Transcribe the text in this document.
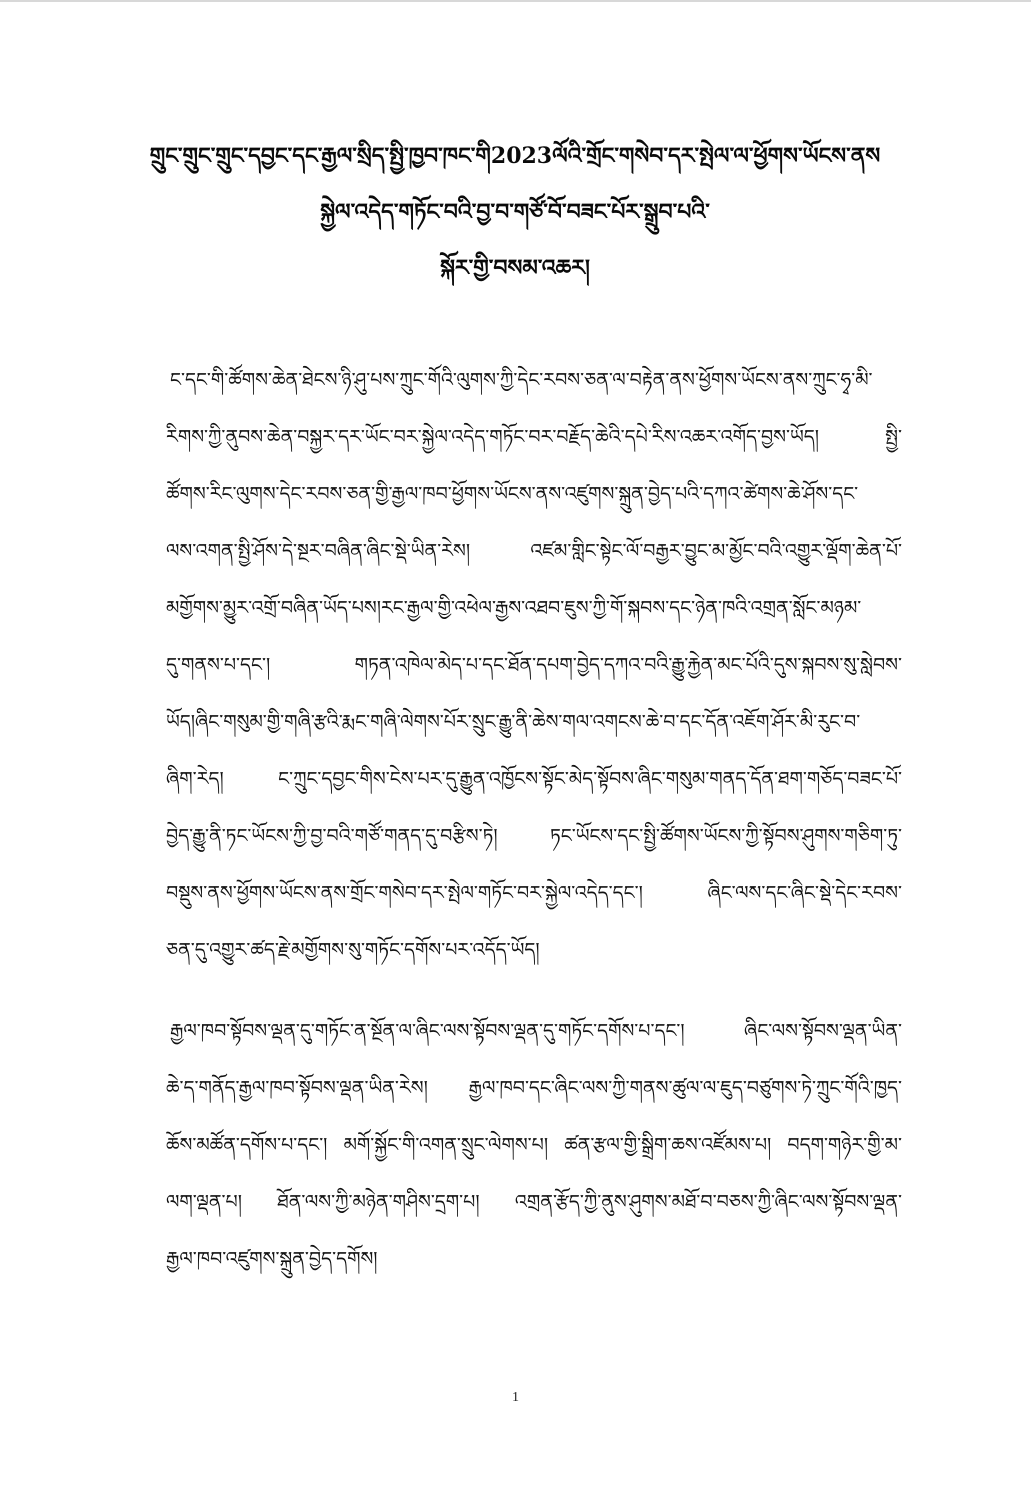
གྲུང་གྲུང་གྲུང་དབྱང་དང་རྒྱལ་སྲིད་སྤྱི་ཁྱབ་ཁང་གི2023ལོའི་གྲོང་གསེབ་དར་སྤེལ་ལ་ཕྱོགས་ཡོངས་ནས
སྐྱེལ་འདེད་གཏོང་བའི་བྱ་བ་གཙོ་བོ་བཟང་པོར་སྒྲུབ་པའི་
སྐོར་གྱི་བསམ་འཆར།
ང་དང་གི་ཚོགས་ཆེན་ཐེངས་ཉི་ཤུ་པས་ཀྲུང་གོའི་ལུགས་ཀྱི་དེང་རབས་ཅན་ལ་བརྟེན་ནས་ཕྱོགས་ཡོངས་ནས་ཀྲུང་ཧྭ་མི་
རིགས་ཀྱི་ནུབས་ཆེན་བསྐྱར་དར་ཡོང་བར་སྐྱེལ་འདེད་གཏོང་བར་བརྗོད་ཆེའི་དཔེ་རིས་འཆར་འགོད་བྱས་ཡོད། སྤྱི་
ཚོགས་རིང་ལུགས་དེང་རབས་ཅན་གྱི་རྒྱལ་ཁབ་ཕྱོགས་ཡོངས་ནས་འཛུགས་སྐྲུན་བྱེད་པའི་དཀའ་ཚེགས་ཆེ་ཤོས་དང་
ལས་འགན་སྤྱི་ཤོས་དེ་སྔར་བཞིན་ཞིང་སྡེ་ཡིན་རེས། འཛམ་གླིང་སྟེང་ལོ་བརྒྱར་བྱུང་མ་མྱོང་བའི་འགྱུར་ལྡོག་ཆེན་པོ་
མགྱོགས་མྱུར་འགྲོ་བཞིན་ཡོད་པས།རང་རྒྱལ་གྱི་འཕེལ་རྒྱས་འཐབ་ཇུས་ཀྱི་གོ་སྐབས་དང་ཉེན་ཁའི་འགྲན་སློང་མཉམ་
དུ་གནས་པ་དང་། གཏན་འཁེལ་མེད་པ་དང་ཐོན་དཔག་བྱེད་དཀའ་བའི་རྒྱུ་རྐྱེན་མང་པོའི་དུས་སྐབས་སུ་སླེབས་
ཡོད།ཞིང་གསུམ་གྱི་གཞི་རྩའི་རྨང་གཞི་ལེགས་པོར་སྲུང་རྒྱུ་ནི་ཆེས་གལ་འགངས་ཆེ་བ་དང་དོན་འཇོག་ཤོར་མི་རུང་བ་
ཞིག་རེད། ང་ཀྲུང་དབྱང་གིས་ངེས་པར་དུ་རྒྱུན་འཁྱོངས་སྟོང་མེད་སྟོབས་ཞིང་གསུམ་གནད་དོན་ཐག་གཅོད་བཟང་པོ་
བྱེད་རྒྱུ་ནི་ཏང་ཡོངས་ཀྱི་བྱ་བའི་གཙོ་གནད་དུ་བརྩིས་ཏེ། ཏང་ཡོངས་དང་སྤྱི་ཚོགས་ཡོངས་ཀྱི་སྟོབས་ཤུགས་གཅིག་ཏུ་
བསྡུས་ནས་ཕྱོགས་ཡོངས་ནས་གྲོང་གསེབ་དར་སྤེལ་གཏོང་བར་སྐྱེལ་འདེད་དང་། ཞིང་ལས་དང་ཞིང་སྡེ་དེང་རབས་
ཅན་དུ་འགྱུར་ཚད་རྗེ་མགྱོགས་སུ་གཏོང་དགོས་པར་འདོད་ཡོད།
རྒྱལ་ཁབ་སྟོབས་ལྡན་དུ་གཏོང་ན་སྔོན་ལ་ཞིང་ལས་སྟོབས་ལྡན་དུ་གཏོང་དགོས་པ་དང་། ཞིང་ལས་སྟོབས་ལྡན་ཡིན་
ཆེ་ད་གནོད་རྒྱལ་ཁབ་སྟོབས་ལྡན་ཡིན་རེས། རྒྱལ་ཁབ་དང་ཞིང་ལས་ཀྱི་གནས་ཚུལ་ལ་ཇུད་བཙུགས་ཏེ་ཀྲུང་གོའི་ཁྱད་
ཆོས་མཚོན་དགོས་པ་དང་། མགོ་སྐྱོང་གི་འགན་སྲུང་ལེགས་པ། ཚན་རྩལ་གྱི་སྒྲིག་ཆས་འཛོམས་པ། བདག་གཉེར་གྱི་མ་
ལག་ལྡན་པ། ཐོན་ལས་ཀྱི་མཉེན་གཤིས་དྲག་པ། འགྲན་རྩོད་ཀྱི་ནུས་ཤུགས་མཐོ་བ་བཅས་ཀྱི་ཞིང་ལས་སྟོབས་ལྡན་
རྒྱལ་ཁབ་འཛུགས་སྐྲུན་བྱེད་དགོས།
1
